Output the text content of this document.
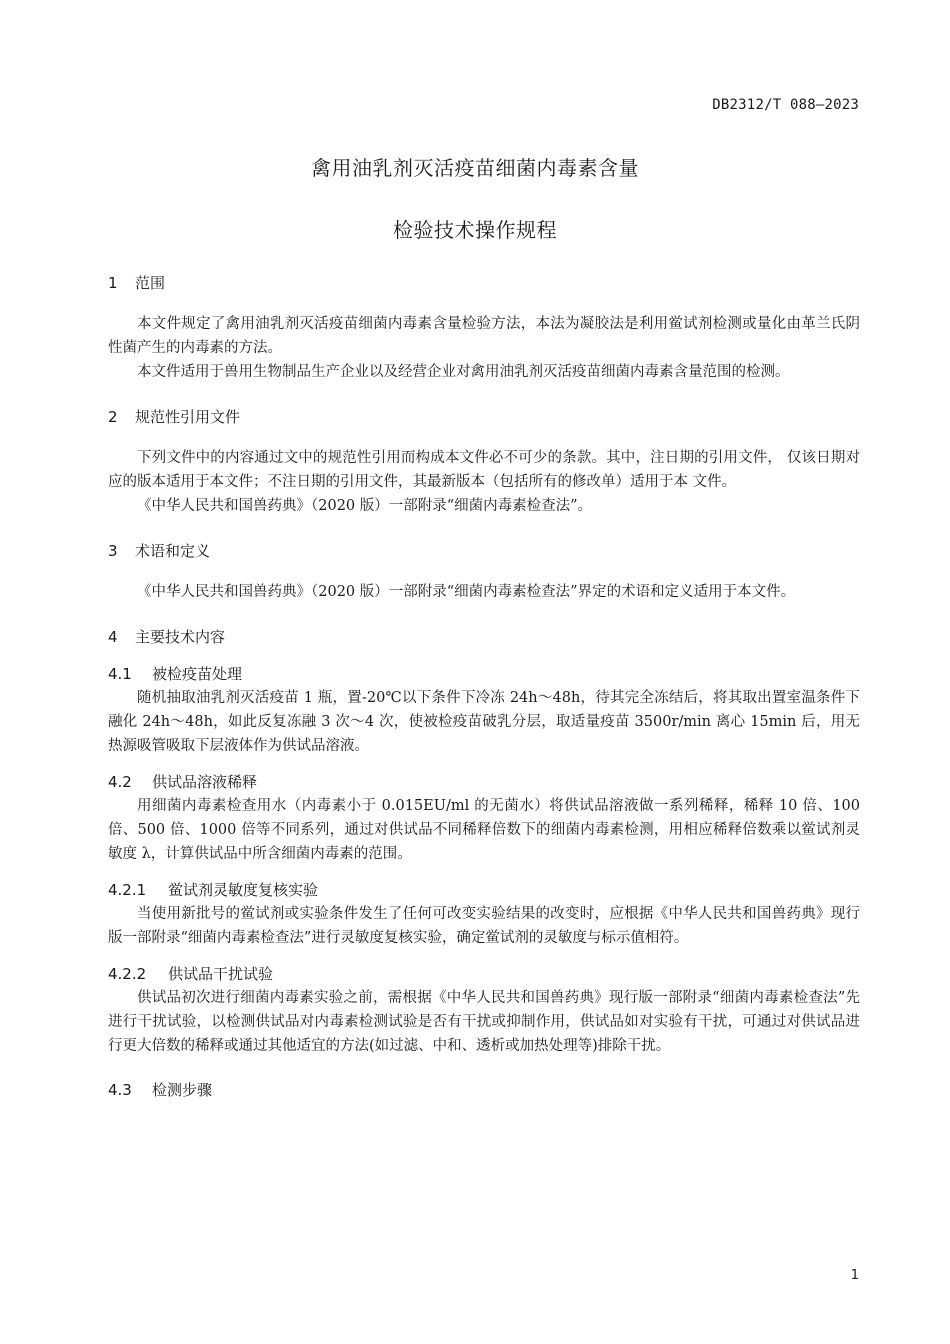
DB2312/T 088—2023
禽用油乳剂灭活疫苗细菌内毒素含量
检验技术操作规程
1 范围

本文件规定了禽用油乳剂灭活疫苗细菌内毒素含量检验方法，本法为凝胶法是利用鲎试剂检测或量化由革兰氏阴性菌产生的内毒素的方法。

本文件适用于兽用生物制品生产企业以及经营企业对禽用油乳剂灭活疫苗细菌内毒素含量范围的检测。

2 规范性引用文件

下列文件中的内容通过文中的规范性引用而构成本文件必不可少的条款。其中，注日期的引用文件， 仅该日期对应的版本适用于本文件；不注日期的引用文件，其最新版本（包括所有的修改单）适用于本 文件。

《中华人民共和国兽药典》（2020 版）一部附录“细菌内毒素检查法”。

3 术语和定义

《中华人民共和国兽药典》（2020 版）一部附录“细菌内毒素检查法”界定的术语和定义适用于本文件。

4 主要技术内容
4.1 被检疫苗处理

随机抽取油乳剂灭活疫苗 1 瓶，置-20℃以下条件下冷冻 24h～48h，待其完全冻结后，将其取出置室温条件下融化 24h～48h，如此反复冻融 3 次～4 次，使被检疫苗破乳分层，取适量疫苗 3500r/min 离心 15min 后，用无热源吸管吸取下层液体作为供试品溶液。

4.2 供试品溶液稀释

用细菌内毒素检查用水（内毒素小于 0.015EU/ml 的无菌水）将供试品溶液做一系列稀释，稀释 10 倍、100 倍、500 倍、1000 倍等不同系列，通过对供试品不同稀释倍数下的细菌内毒素检测，用相应稀释倍数乘以鲎试剂灵敏度 λ，计算供试品中所含细菌内毒素的范围。

4.2.1 鲎试剂灵敏度复核实验

当使用新批号的鲎试剂或实验条件发生了任何可改变实验结果的改变时，应根据《中华人民共和国兽药典》现行版一部附录“细菌内毒素检查法”进行灵敏度复核实验，确定鲎试剂的灵敏度与标示值相符。

4.2.2 供试品干扰试验

供试品初次进行细菌内毒素实验之前，需根据《中华人民共和国兽药典》现行版一部附录“细菌内毒素检查法”先进行干扰试验，以检测供试品对内毒素检测试验是否有干扰或抑制作用，供试品如对实验有干扰，可通过对供试品进行更大倍数的稀释或通过其他适宜的方法(如过滤、中和、透析或加热处理等)排除干扰。

4.3 检测步骤
1
